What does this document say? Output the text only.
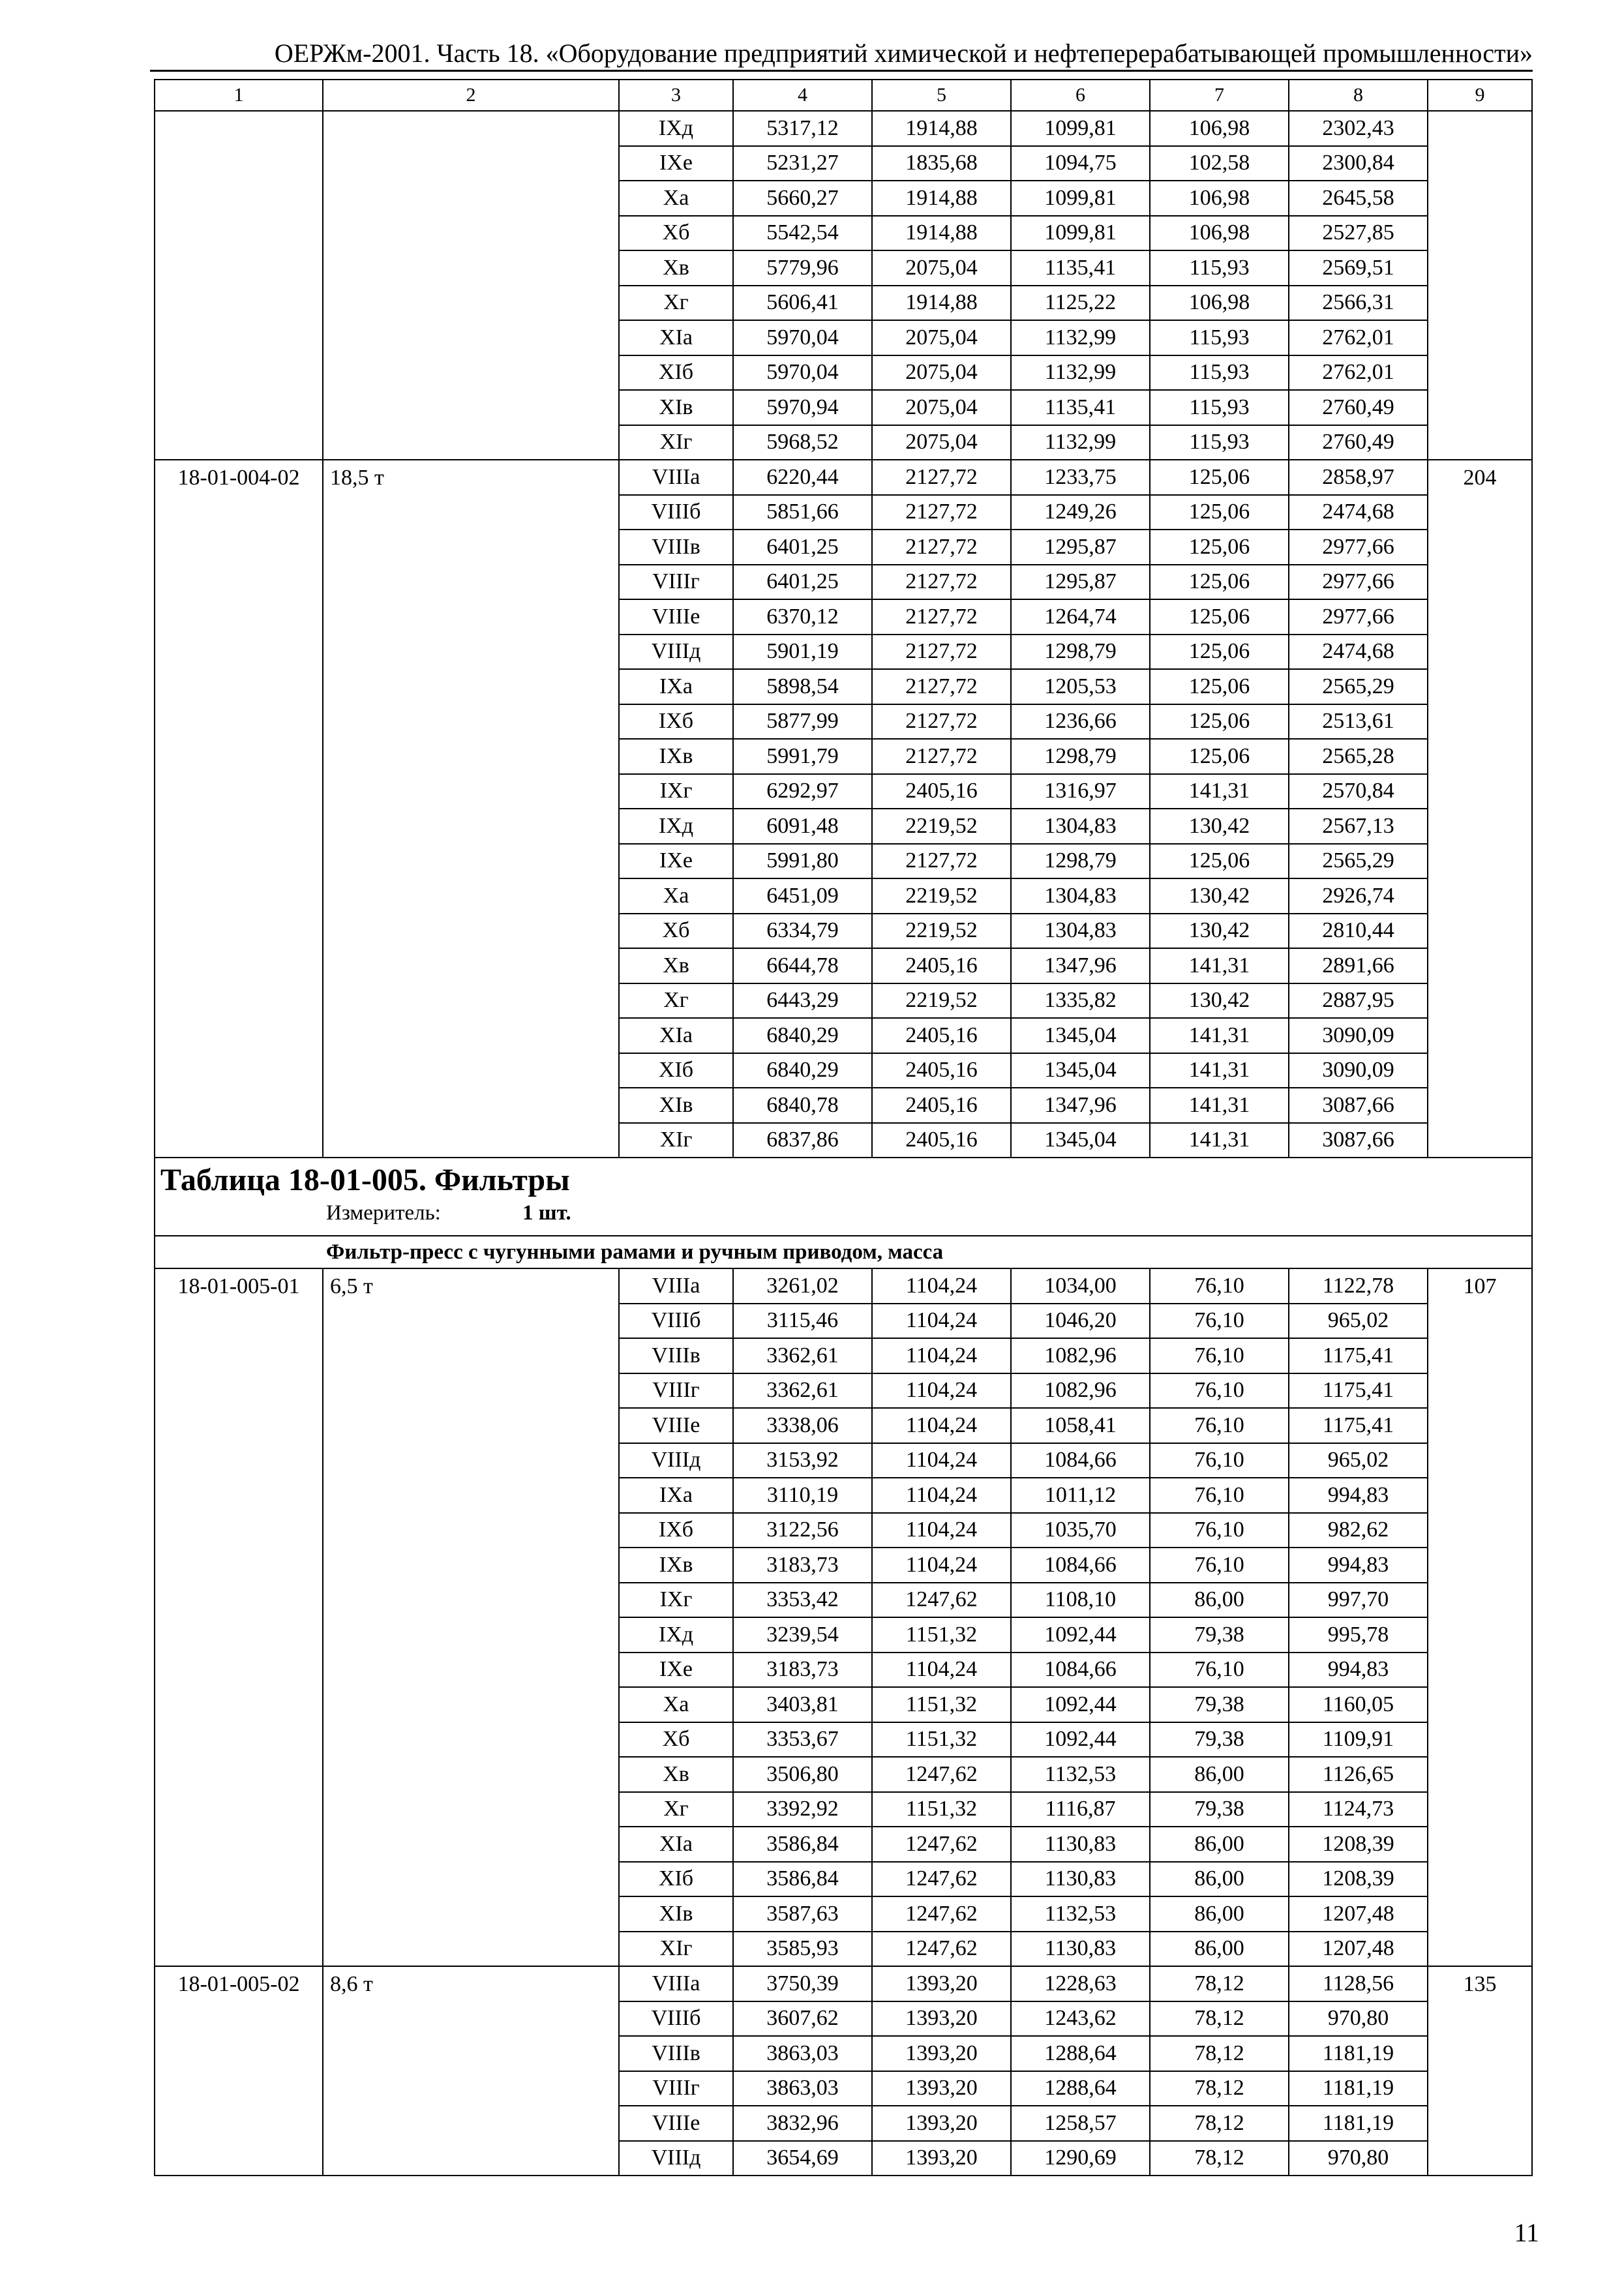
ОЕРЖм-2001. Часть 18. «Оборудование предприятий химической и нефтеперерабатывающей промышленности»
1	2	3	4	5	6	7	8	9
		IXд	5317,12	1914,88	1099,81	106,98	2302,43	
		IXе	5231,27	1835,68	1094,75	102,58	2300,84	
		Xа	5660,27	1914,88	1099,81	106,98	2645,58	
		Xб	5542,54	1914,88	1099,81	106,98	2527,85	
		Xв	5779,96	2075,04	1135,41	115,93	2569,51	
		Xг	5606,41	1914,88	1125,22	106,98	2566,31	
		XIа	5970,04	2075,04	1132,99	115,93	2762,01	
		XIб	5970,04	2075,04	1132,99	115,93	2762,01	
		XIв	5970,94	2075,04	1135,41	115,93	2760,49	
		XIг	5968,52	2075,04	1132,99	115,93	2760,49	
18-01-004-02	18,5 т	VIIIа	6220,44	2127,72	1233,75	125,06	2858,97	204
		VIIIб	5851,66	2127,72	1249,26	125,06	2474,68	
		VIIIв	6401,25	2127,72	1295,87	125,06	2977,66	
		VIIIг	6401,25	2127,72	1295,87	125,06	2977,66	
		VIIIе	6370,12	2127,72	1264,74	125,06	2977,66	
		VIIIд	5901,19	2127,72	1298,79	125,06	2474,68	
		IXа	5898,54	2127,72	1205,53	125,06	2565,29	
		IXб	5877,99	2127,72	1236,66	125,06	2513,61	
		IXв	5991,79	2127,72	1298,79	125,06	2565,28	
		IXг	6292,97	2405,16	1316,97	141,31	2570,84	
		IXд	6091,48	2219,52	1304,83	130,42	2567,13	
		IXе	5991,80	2127,72	1298,79	125,06	2565,29	
		Xа	6451,09	2219,52	1304,83	130,42	2926,74	
		Xб	6334,79	2219,52	1304,83	130,42	2810,44	
		Xв	6644,78	2405,16	1347,96	141,31	2891,66	
		Xг	6443,29	2219,52	1335,82	130,42	2887,95	
		XIа	6840,29	2405,16	1345,04	141,31	3090,09	
		XIб	6840,29	2405,16	1345,04	141,31	3090,09	
		XIв	6840,78	2405,16	1347,96	141,31	3087,66	
		XIг	6837,86	2405,16	1345,04	141,31	3087,66	

Таблица 18-01-005. Фильтры
Измеритель: 1 шт.								

Фильтр-пресс с чугунными рамами и ручным приводом, масса								

18-01-005-01	6,5 т	VIIIа	3261,02	1104,24	1034,00	76,10	1122,78	107
		VIIIб	3115,46	1104,24	1046,20	76,10	965,02	
		VIIIв	3362,61	1104,24	1082,96	76,10	1175,41	
		VIIIг	3362,61	1104,24	1082,96	76,10	1175,41	
		VIIIе	3338,06	1104,24	1058,41	76,10	1175,41	
		VIIIд	3153,92	1104,24	1084,66	76,10	965,02	
		IXа	3110,19	1104,24	1011,12	76,10	994,83	
		IXб	3122,56	1104,24	1035,70	76,10	982,62	
		IXв	3183,73	1104,24	1084,66	76,10	994,83	
		IXг	3353,42	1247,62	1108,10	86,00	997,70	
		IXд	3239,54	1151,32	1092,44	79,38	995,78	
		IXе	3183,73	1104,24	1084,66	76,10	994,83	
		Xа	3403,81	1151,32	1092,44	79,38	1160,05	
		Xб	3353,67	1151,32	1092,44	79,38	1109,91	
		Xв	3506,80	1247,62	1132,53	86,00	1126,65	
		Xг	3392,92	1151,32	1116,87	79,38	1124,73	
		XIа	3586,84	1247,62	1130,83	86,00	1208,39	
		XIб	3586,84	1247,62	1130,83	86,00	1208,39	
		XIв	3587,63	1247,62	1132,53	86,00	1207,48	
		XIг	3585,93	1247,62	1130,83	86,00	1207,48	
18-01-005-02	8,6 т	VIIIа	3750,39	1393,20	1228,63	78,12	1128,56	135
		VIIIб	3607,62	1393,20	1243,62	78,12	970,80	
		VIIIв	3863,03	1393,20	1288,64	78,12	1181,19	
		VIIIг	3863,03	1393,20	1288,64	78,12	1181,19	
		VIIIе	3832,96	1393,20	1258,57	78,12	1181,19	
		VIIIд	3654,69	1393,20	1290,69	78,12	970,80	
11
